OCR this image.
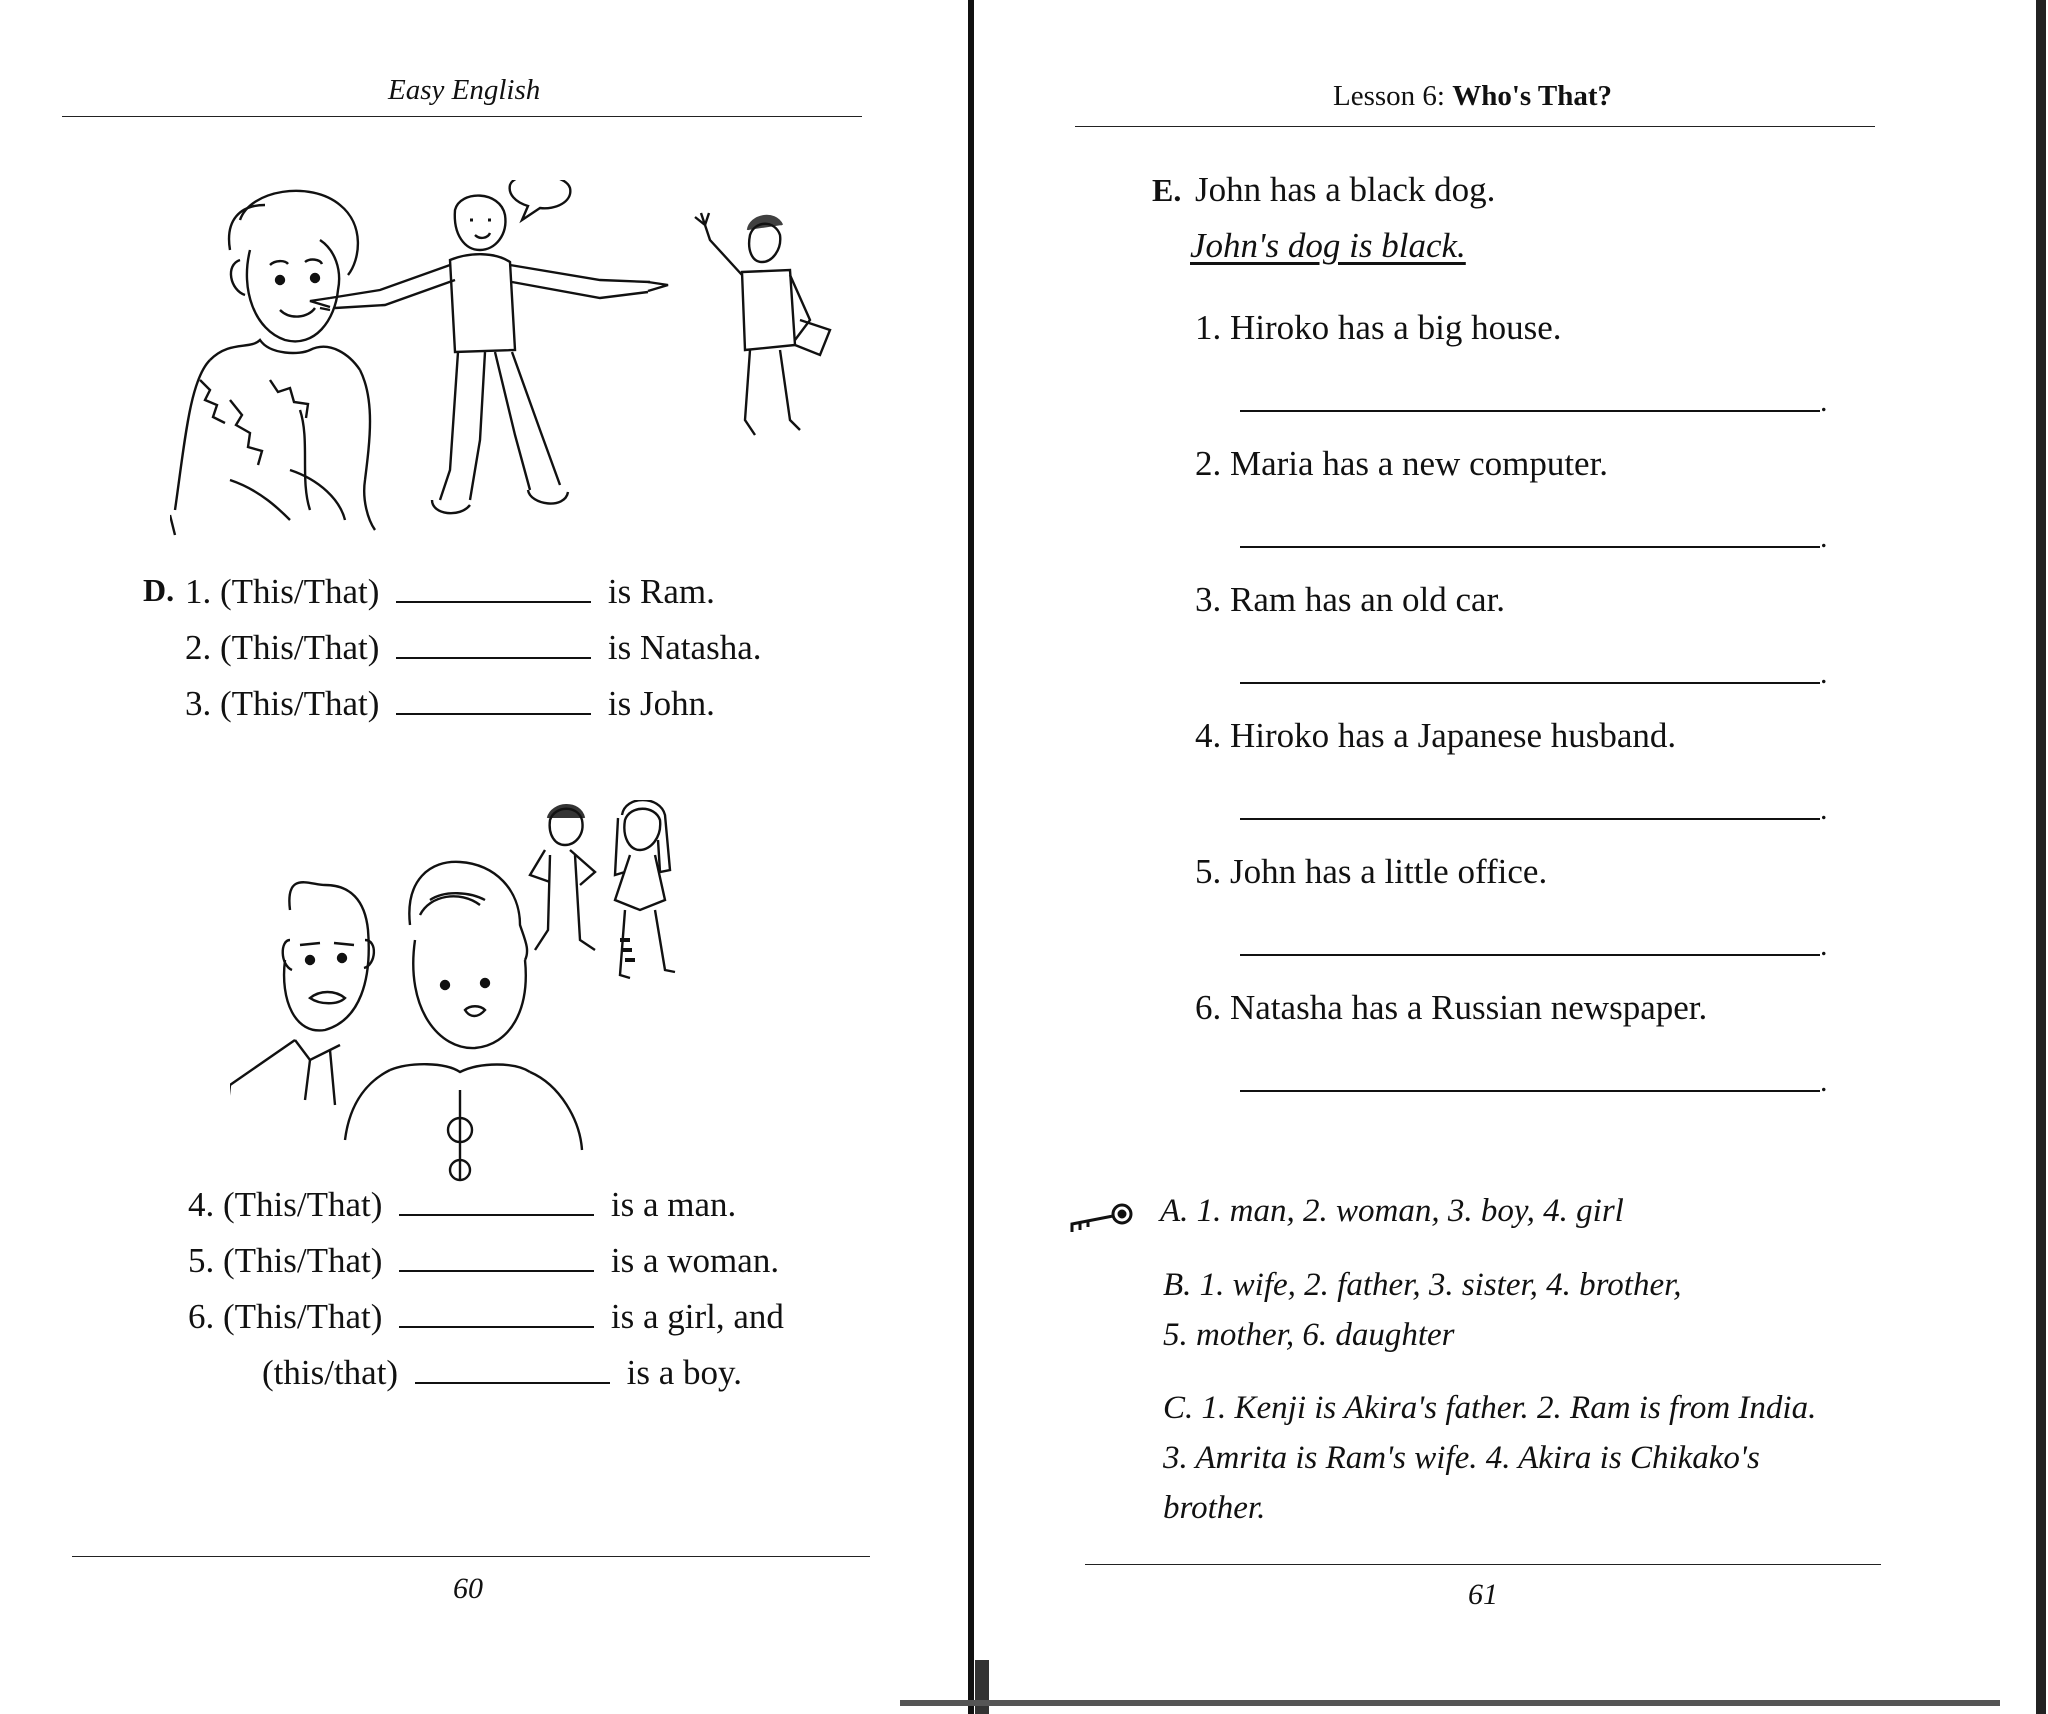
Easy English
D. 1. (This/That)	is Ram.
2. (This/That)	is Natasha.
3. (This/That)	is John.
4. (This/That)	is a man.
5. (This/That)	is a woman.
6. (This/That)	is a girl, and
(this/that)	is a boy.
60
Lesson 6: Who's That?
E. John has a black dog.
John's dog is black.
1. Hiroko has a big house.
.
2. Maria has a new computer.
.
3. Ram has an old car.
.
4. Hiroko has a Japanese husband.
.
5. John has a little office.
.
6. Natasha has a Russian newspaper.
.
A. 1. man, 2. woman, 3. boy, 4. girl
B. 1. wife, 2. father, 3. sister, 4. brother,
5. mother, 6. daughter
C. 1. Kenji is Akira's father. 2. Ram is from India.
3. Amrita is Ram's wife. 4. Akira is Chikako's
brother.
61
